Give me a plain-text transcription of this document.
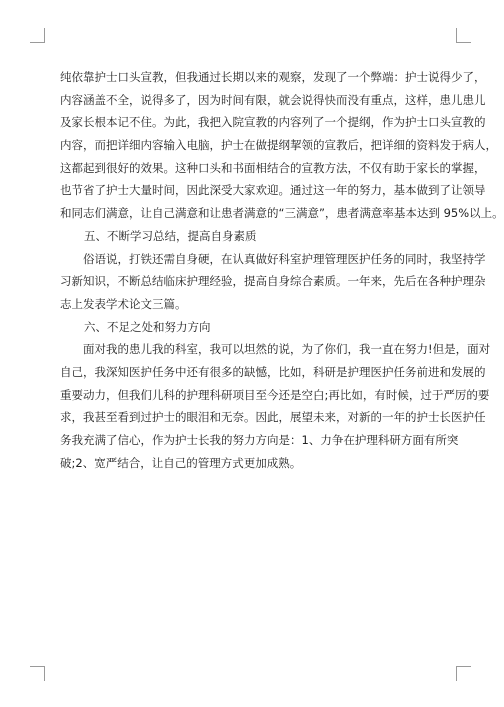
纯依靠护士口头宣教，但我通过长期以来的观察，发现了一个弊端：护士说得少了，
内容涵盖不全，说得多了，因为时间有限，就会说得快而没有重点，这样，患儿患儿
及家长根本记不住。为此，我把入院宣教的内容列了一个提纲，作为护士口头宣教的
内容，而把详细内容输入电脑，护士在做提纲挈领的宣教后，把详细的资料发于病人，
这都起到很好的效果。这种口头和书面相结合的宣教方法，不仅有助于家长的掌握，
也节省了护士大量时间，因此深受大家欢迎。通过这一年的努力，基本做到了让领导
和同志们满意，让自己满意和让患者满意的“三满意”，患者满意率基本达到 95%以上。
五、不断学习总结，提高自身素质
　　俗语说，打铁还需自身硬，在认真做好科室护理管理医护任务的同时，我坚持学
习新知识，不断总结临床护理经验，提高自身综合素质。一年来，先后在各种护理杂
志上发表学术论文三篇。
六、不足之处和努力方向
　　面对我的患儿我的科室，我可以坦然的说，为了你们，我一直在努力!但是，面对
自己，我深知医护任务中还有很多的缺憾，比如，科研是护理医护任务前进和发展的
重要动力，但我们儿科的护理科研项目至今还是空白;再比如，有时候，过于严厉的要
求，我甚至看到过护士的眼泪和无奈。因此，展望未来，对新的一年的护士长医护任
务我充满了信心，作为护士长我的努力方向是：1、力争在护理科研方面有所突
破;2、宽严结合，让自己的管理方式更加成熟。
